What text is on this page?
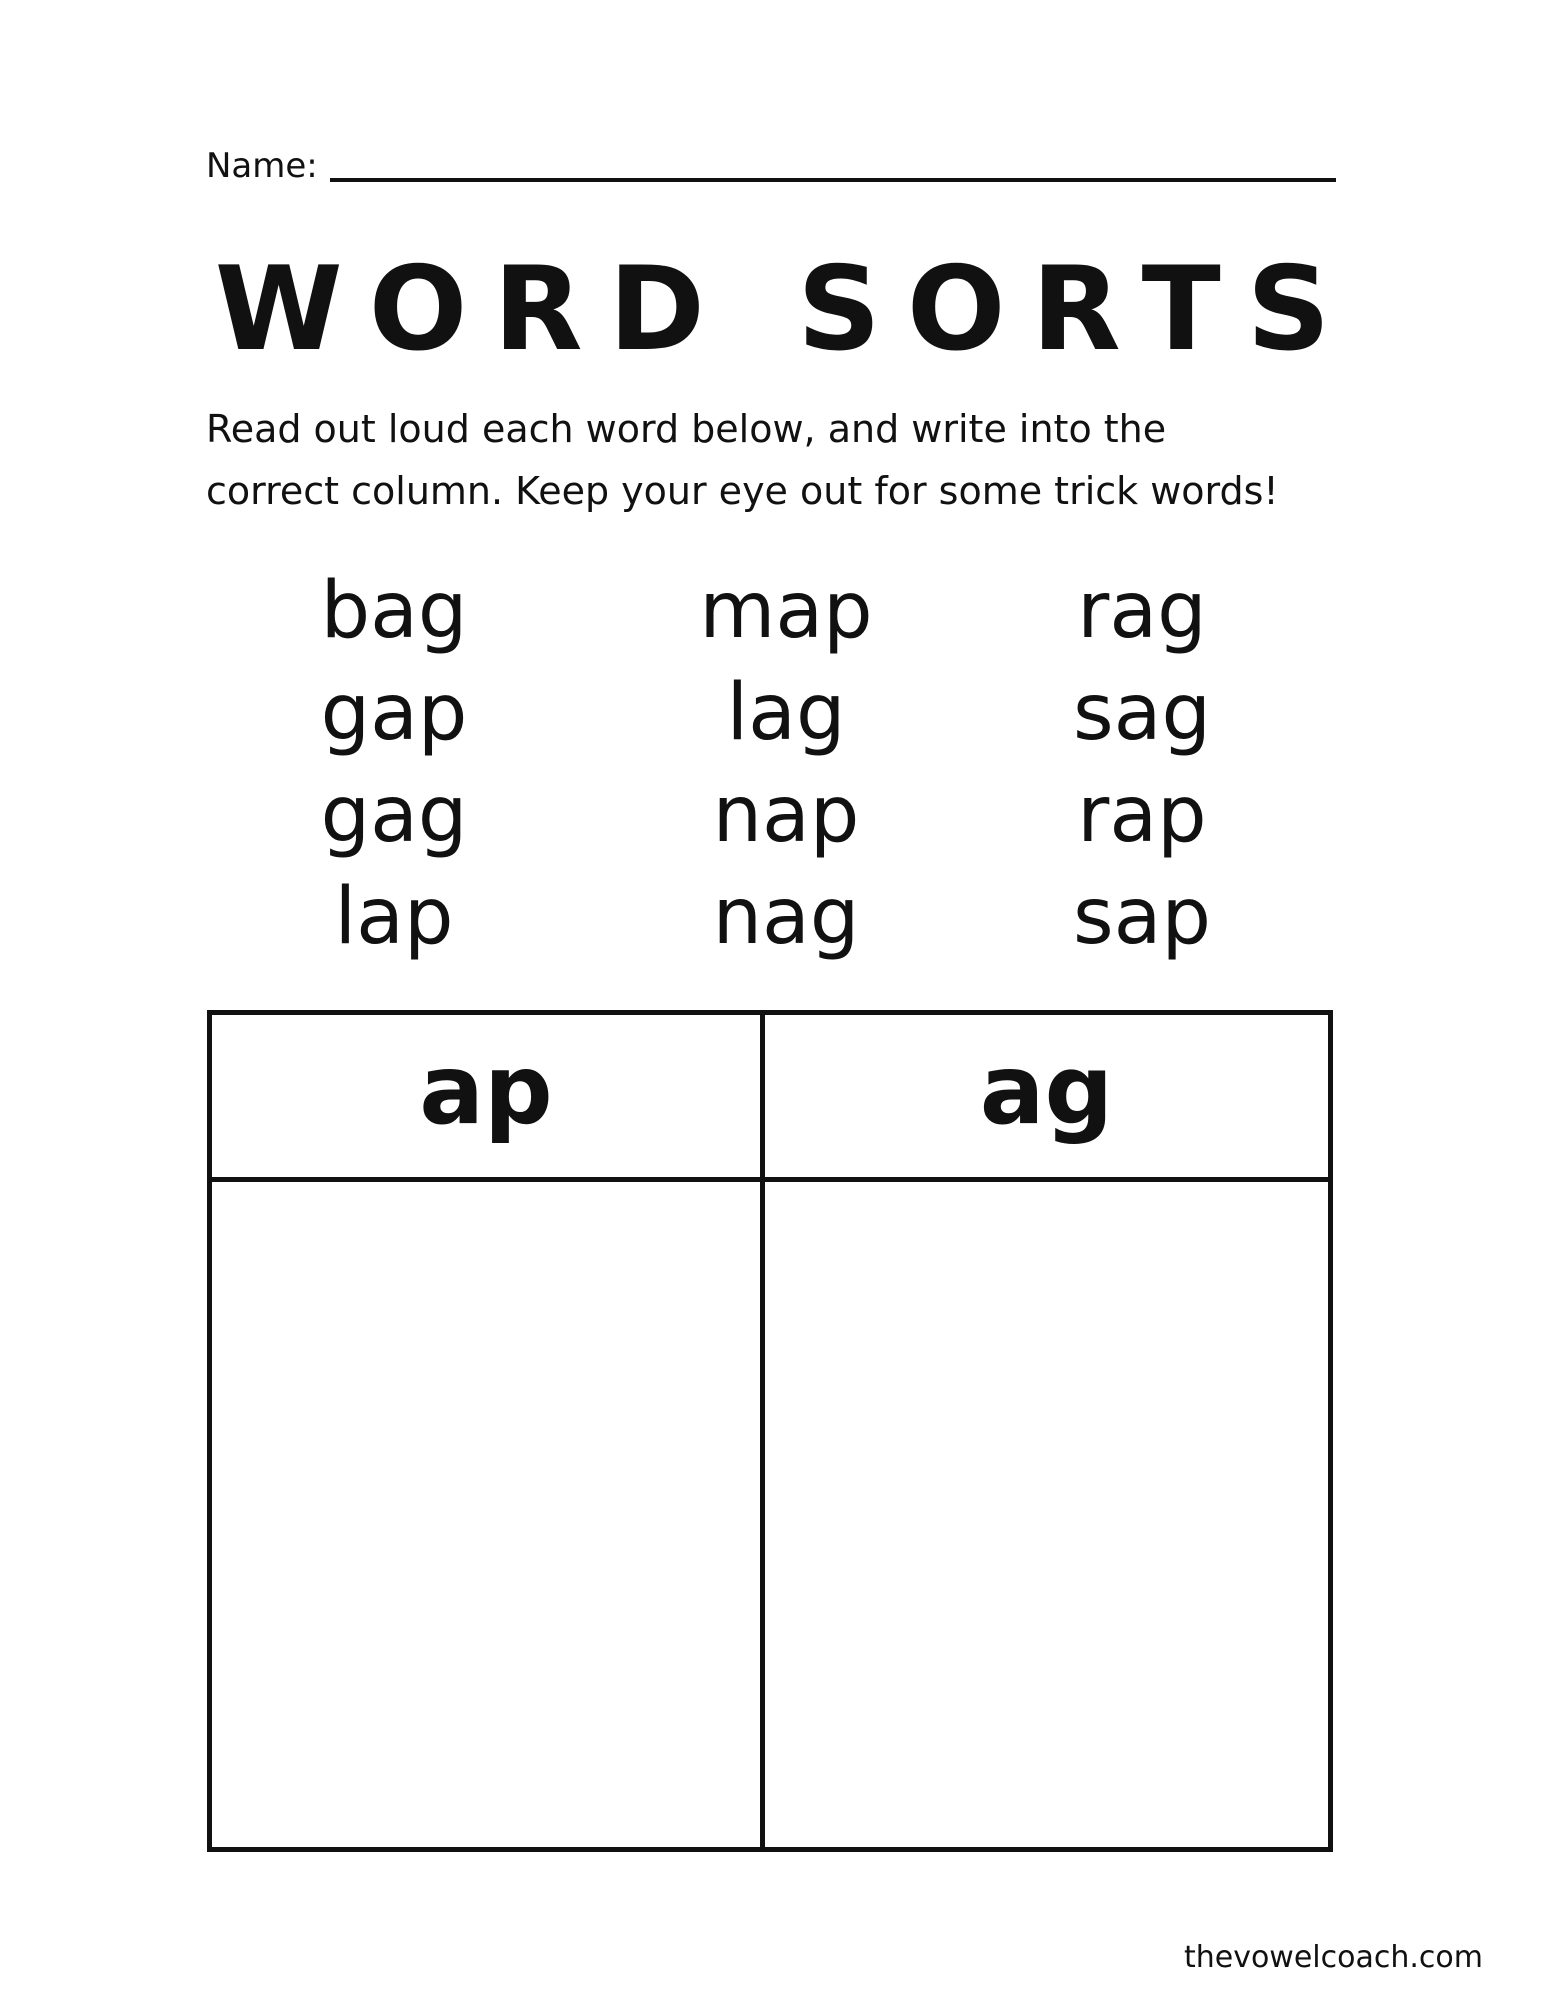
Name:
WORD SORTS
Read out loud each word below, and write into the
correct column. Keep your eye out for some trick words!
bag
gap
gag
lap
map
lag
nap
nag
rag
sag
rap
sap
ap	ag
thevowelcoach.com
